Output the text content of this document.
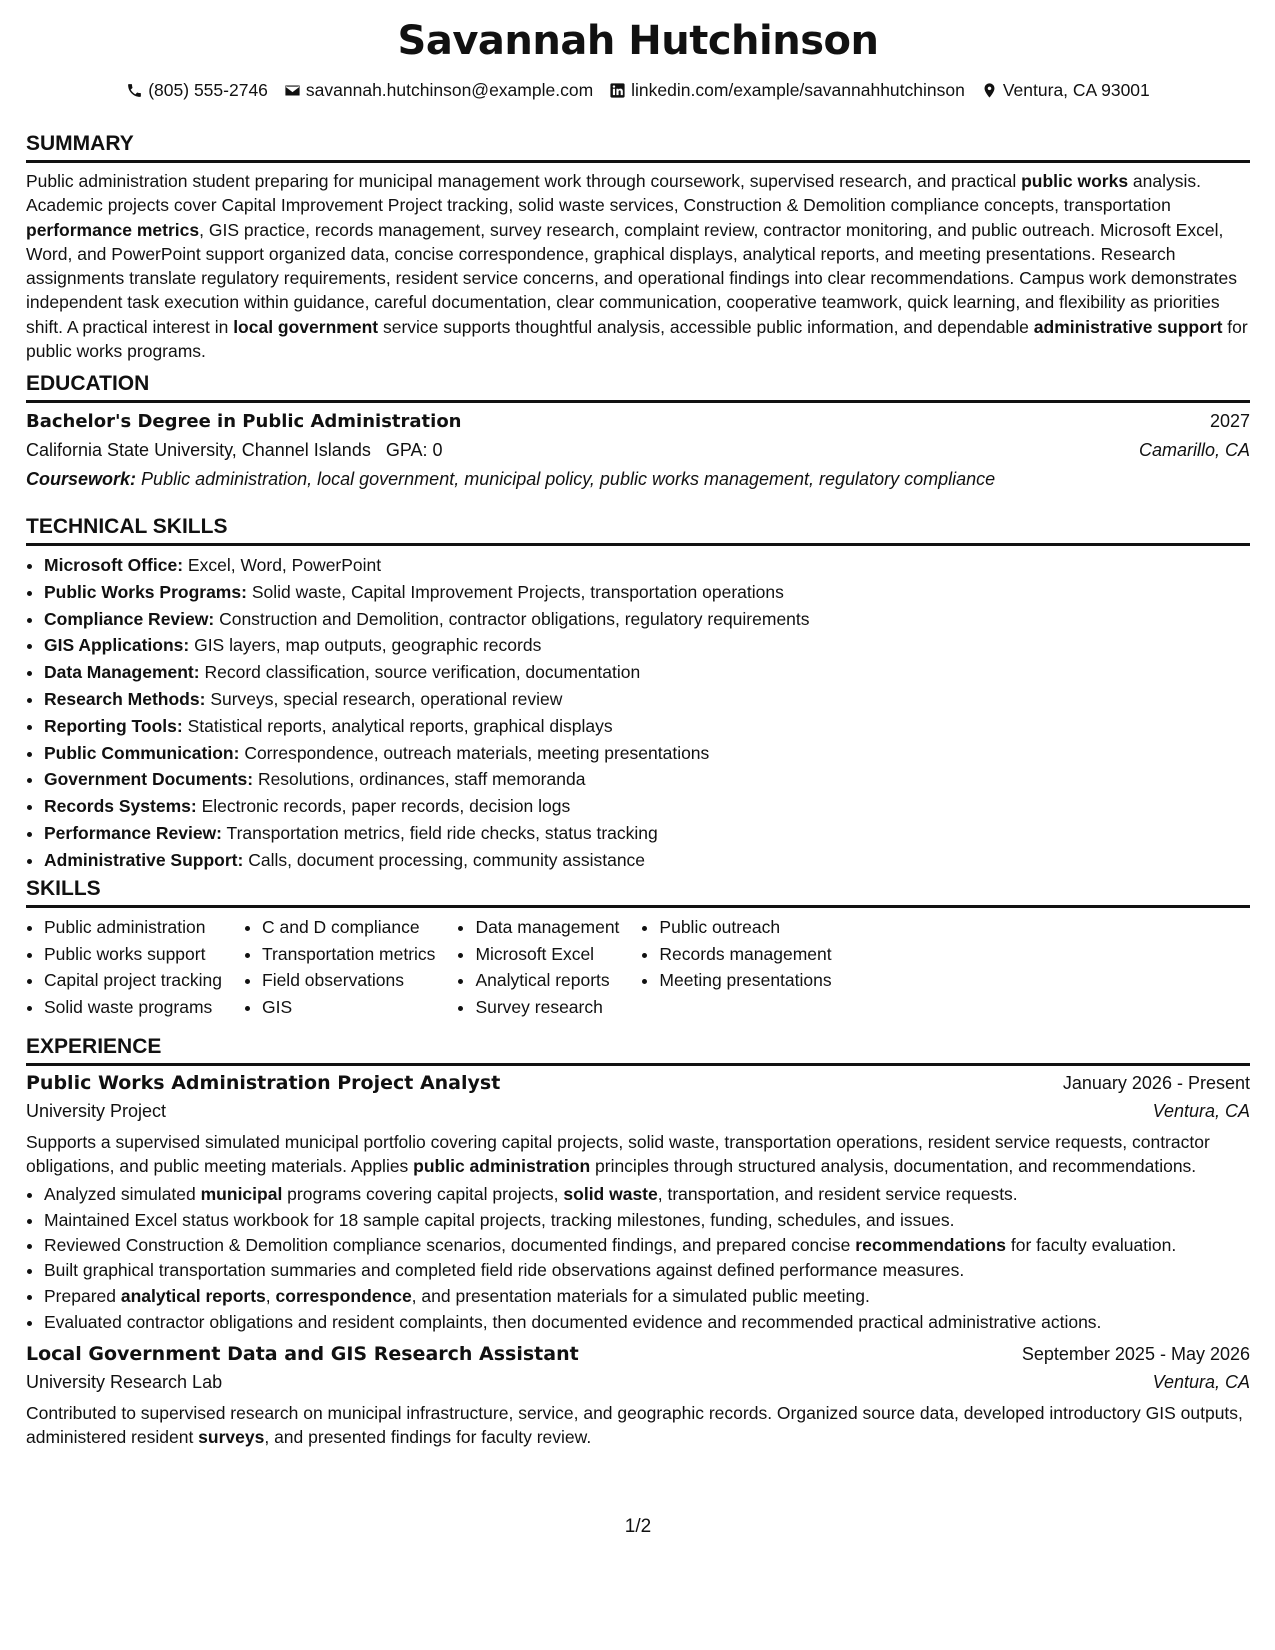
Savannah Hutchinson
(805) 555-2746 savannah.hutchinson@example.com linkedin.com/example/savannahhutchinson Ventura, CA 93001
SUMMARY

Public administration student preparing for municipal management work through coursework, supervised research, and practical public works analysis. Academic projects cover Capital Improvement Project tracking, solid waste services, Construction & Demolition compliance concepts, transportation performance metrics, GIS practice, records management, survey research, complaint review, contractor monitoring, and public outreach. Microsoft Excel, Word, and PowerPoint support organized data, concise correspondence, graphical displays, analytical reports, and meeting presentations. Research assignments translate regulatory requirements, resident service concerns, and operational findings into clear recommendations. Campus work demonstrates independent task execution within guidance, careful documentation, clear communication, cooperative teamwork, quick learning, and flexibility as priorities shift. A practical interest in local government service supports thoughtful analysis, accessible public information, and dependable administrative support for public works programs.

EDUCATION
Bachelor's Degree in Public Administration	2027
California State University, Channel Islands GPA: 0	Camarillo, CA
Coursework: Public administration, local government, municipal policy, public works management, regulatory compliance
TECHNICAL SKILLS
• Microsoft Office: Excel, Word, PowerPoint
• Public Works Programs: Solid waste, Capital Improvement Projects, transportation operations
• Compliance Review: Construction and Demolition, contractor obligations, regulatory requirements
• GIS Applications: GIS layers, map outputs, geographic records
• Data Management: Record classification, source verification, documentation
• Research Methods: Surveys, special research, operational review
• Reporting Tools: Statistical reports, analytical reports, graphical displays
• Public Communication: Correspondence, outreach materials, meeting presentations
• Government Documents: Resolutions, ordinances, staff memoranda
• Records Systems: Electronic records, paper records, decision logs
• Performance Review: Transportation metrics, field ride checks, status tracking
• Administrative Support: Calls, document processing, community assistance
SKILLS
• Public administration
• Public works support
• Capital project tracking
• Solid waste programs
• C and D compliance
• Transportation metrics
• Field observations
• GIS
• Data management
• Microsoft Excel
• Analytical reports
• Survey research
• Public outreach
• Records management
• Meeting presentations
EXPERIENCE
Public Works Administration Project Analyst	January 2026 - Present
University Project	Ventura, CA

Supports a supervised simulated municipal portfolio covering capital projects, solid waste, transportation operations, resident service requests, contractor obligations, and public meeting materials. Applies public administration principles through structured analysis, documentation, and recommendations.

• Analyzed simulated municipal programs covering capital projects, solid waste, transportation, and resident service requests.
• Maintained Excel status workbook for 18 sample capital projects, tracking milestones, funding, schedules, and issues.
• Reviewed Construction & Demolition compliance scenarios, documented findings, and prepared concise recommendations for faculty evaluation.
• Built graphical transportation summaries and completed field ride observations against defined performance measures.
• Prepared analytical reports, correspondence, and presentation materials for a simulated public meeting.
• Evaluated contractor obligations and resident complaints, then documented evidence and recommended practical administrative actions.
Local Government Data and GIS Research Assistant	September 2025 - May 2026
University Research Lab	Ventura, CA

Contributed to supervised research on municipal infrastructure, service, and geographic records. Organized source data, developed introductory GIS outputs, administered resident surveys, and presented findings for faculty review.

1/2
